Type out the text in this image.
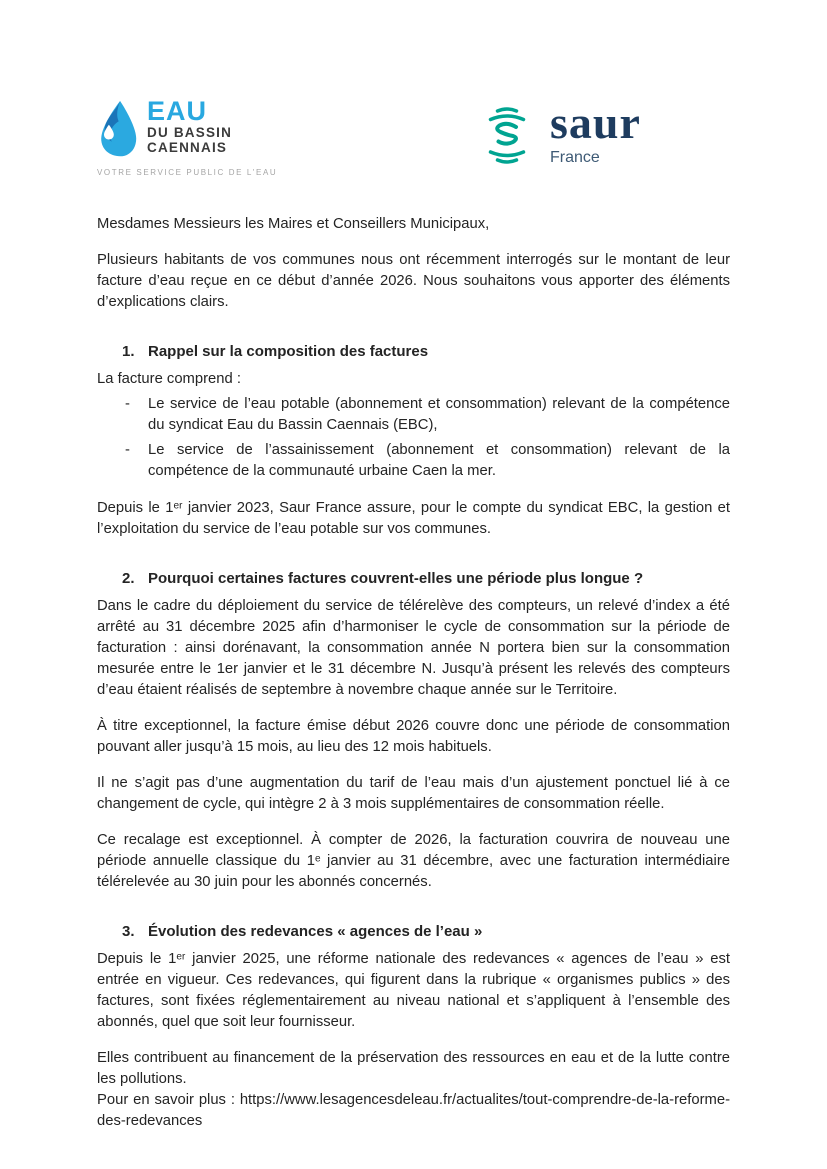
EAU
DU BASSIN
CAENNAIS
VOTRE SERVICE PUBLIC DE L'EAU
saur
France

Mesdames Messieurs les Maires et Conseillers Municipaux,

Plusieurs habitants de vos communes nous ont récemment interrogés sur le montant de leur facture d’eau reçue en ce début d’année 2026. Nous souhaitons vous apporter des éléments d’explications clairs.

1. Rappel sur la composition des factures

La facture comprend :

-	Le service de l’eau potable (abonnement et consommation) relevant de la compétence du syndicat Eau du Bassin Caennais (EBC),
-	Le service de l’assainissement (abonnement et consommation) relevant de la compétence de la communauté urbaine Caen la mer.

Depuis le 1ᵉʳ janvier 2023, Saur France assure, pour le compte du syndicat EBC, la gestion et l’exploitation du service de l’eau potable sur vos communes.

2. Pourquoi certaines factures couvrent-elles une période plus longue ?

Dans le cadre du déploiement du service de télérelève des compteurs, un relevé d’index a été arrêté au 31 décembre 2025 afin d’harmoniser le cycle de consommation sur la période de facturation : ainsi dorénavant, la consommation année N portera bien sur la consommation mesurée entre le 1er janvier et le 31 décembre N. Jusqu’à présent les relevés des compteurs d’eau étaient réalisés de septembre à novembre chaque année sur le Territoire.

À titre exceptionnel, la facture émise début 2026 couvre donc une période de consommation pouvant aller jusqu’à 15 mois, au lieu des 12 mois habituels.

Il ne s’agit pas d’une augmentation du tarif de l’eau mais d’un ajustement ponctuel lié à ce changement de cycle, qui intègre 2 à 3 mois supplémentaires de consommation réelle.

Ce recalage est exceptionnel. À compter de 2026, la facturation couvrira de nouveau une période annuelle classique du 1ᵉ janvier au 31 décembre, avec une facturation intermédiaire télérelevée au 30 juin pour les abonnés concernés.

3. Évolution des redevances « agences de l’eau »

Depuis le 1ᵉʳ janvier 2025, une réforme nationale des redevances « agences de l’eau » est entrée en vigueur. Ces redevances, qui figurent dans la rubrique « organismes publics » des factures, sont fixées réglementairement au niveau national et s’appliquent à l’ensemble des abonnés, quel que soit leur fournisseur.

Elles contribuent au financement de la préservation des ressources en eau et de la lutte contre les pollutions.

Pour en savoir plus : https://www.lesagencesdeleau.fr/actualites/tout-comprendre-de-la-reforme-des-redevances
